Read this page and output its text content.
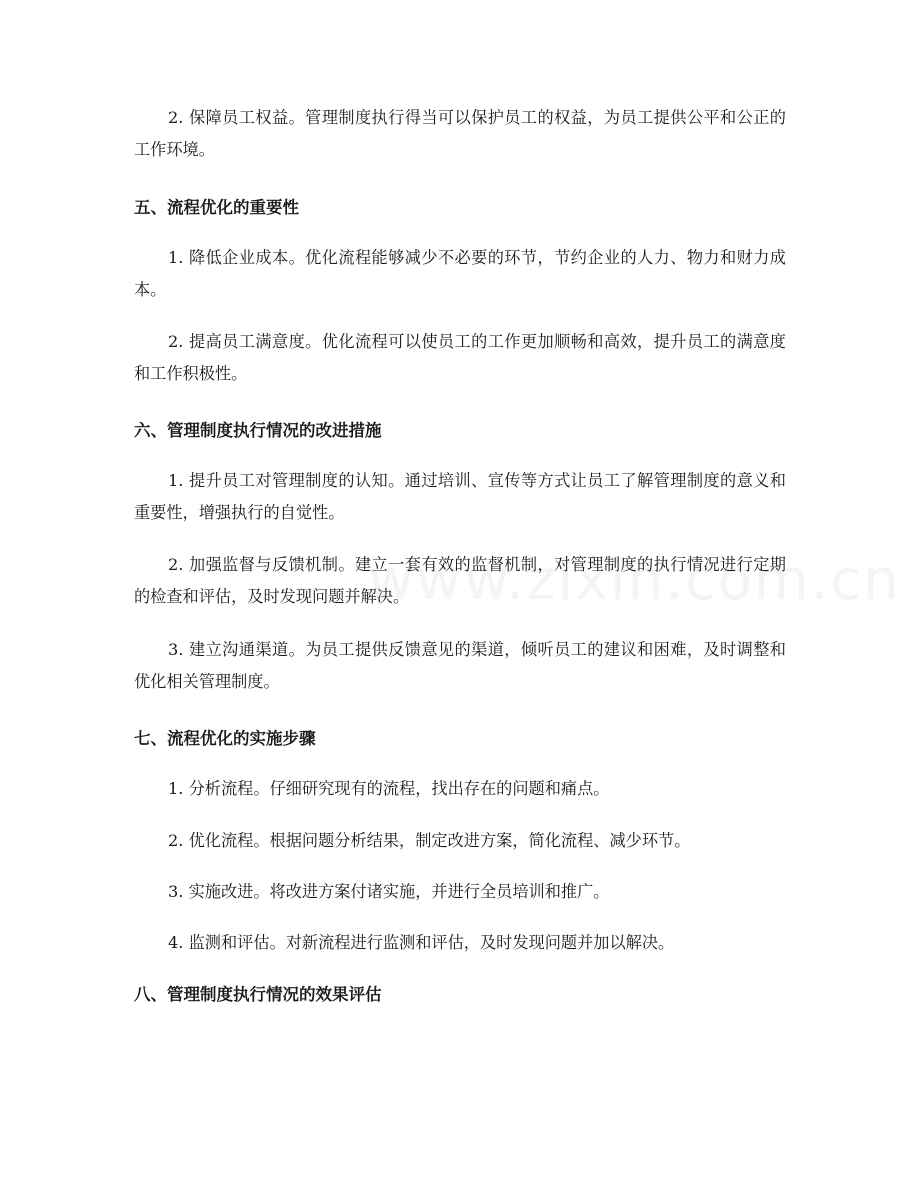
2. 保障员工权益。管理制度执行得当可以保护员工的权益，为员工提供公平和公正的工作环境。

五、流程优化的重要性

1. 降低企业成本。优化流程能够减少不必要的环节，节约企业的人力、物力和财力成本。

2. 提高员工满意度。优化流程可以使员工的工作更加顺畅和高效，提升员工的满意度和工作积极性。

六、管理制度执行情况的改进措施

1. 提升员工对管理制度的认知。通过培训、宣传等方式让员工了解管理制度的意义和重要性，增强执行的自觉性。

2. 加强监督与反馈机制。建立一套有效的监督机制，对管理制度的执行情况进行定期的检查和评估，及时发现问题并解决。

3. 建立沟通渠道。为员工提供反馈意见的渠道，倾听员工的建议和困难，及时调整和优化相关管理制度。

七、流程优化的实施步骤

1. 分析流程。仔细研究现有的流程，找出存在的问题和痛点。

2. 优化流程。根据问题分析结果，制定改进方案，简化流程、减少环节。

3. 实施改进。将改进方案付诸实施，并进行全员培训和推广。

4. 监测和评估。对新流程进行监测和评估，及时发现问题并加以解决。

八、管理制度执行情况的效果评估
